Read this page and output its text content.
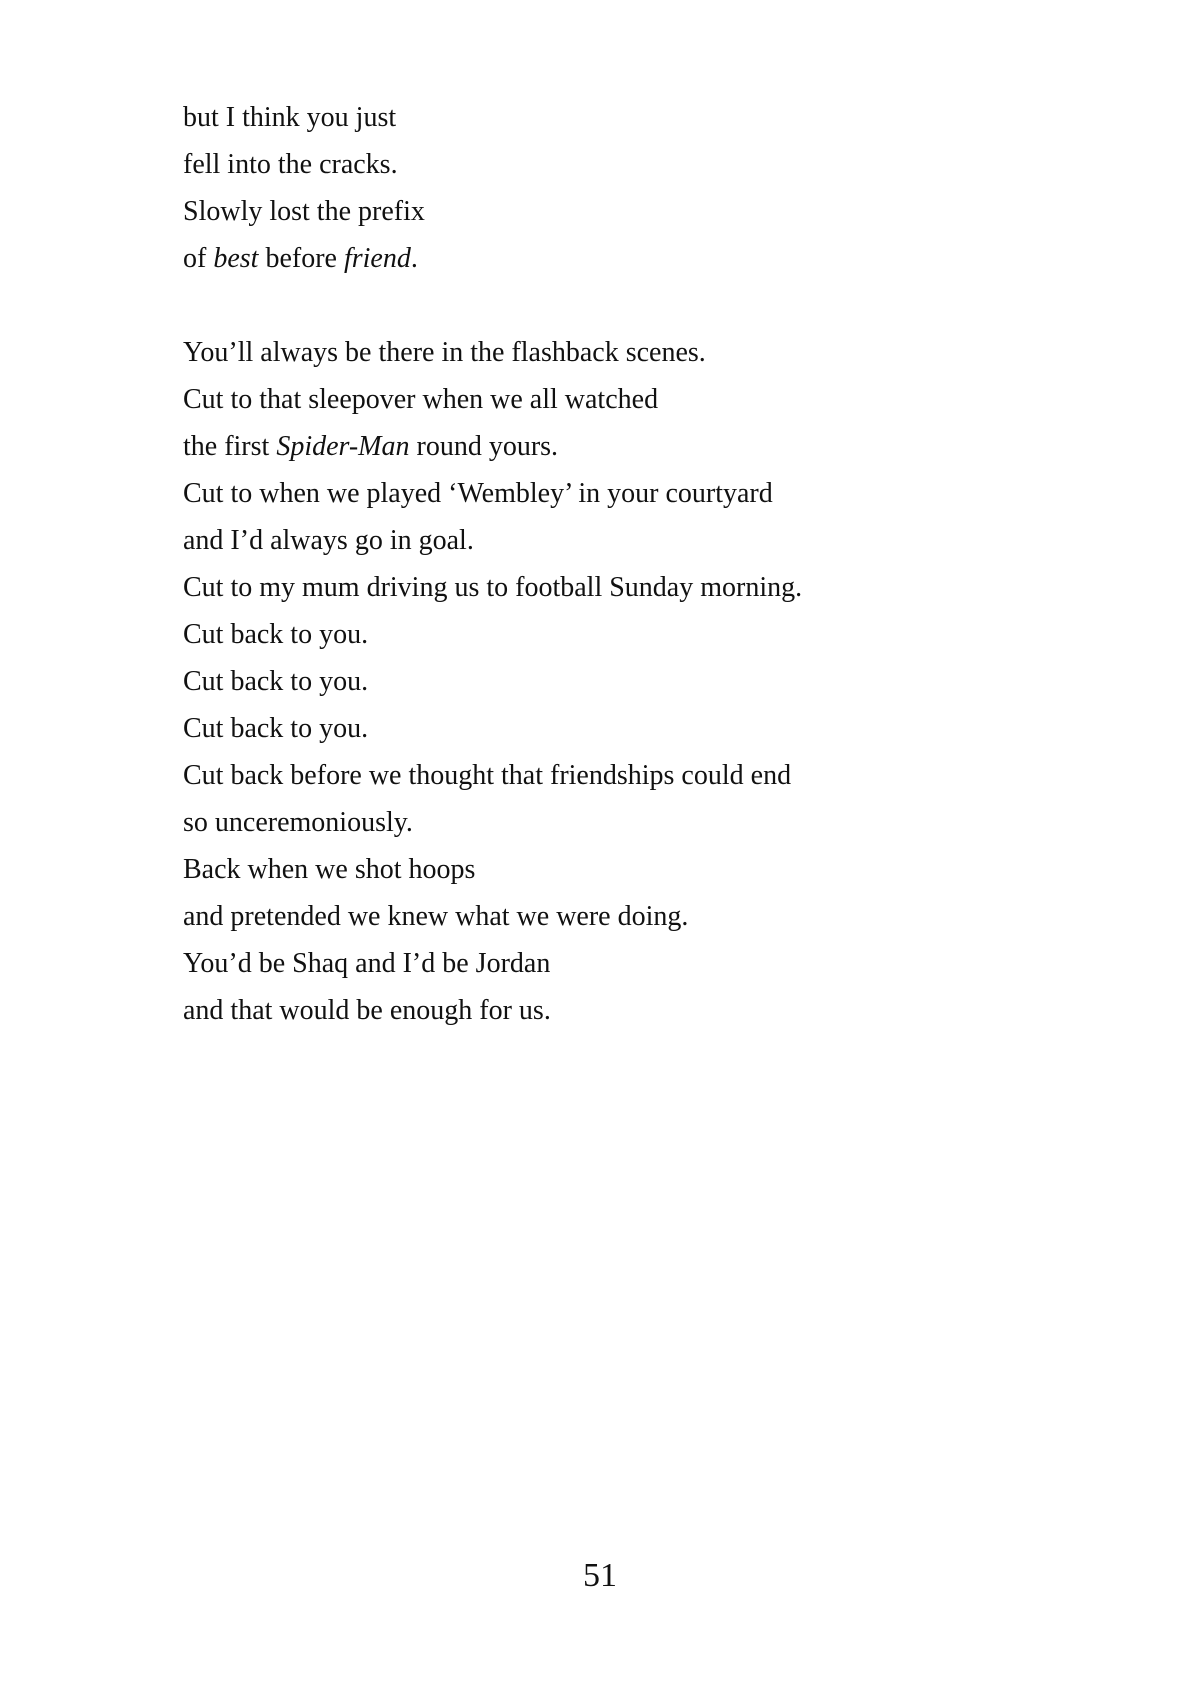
but I think you just
fell into the cracks.
Slowly lost the prefix
of best before friend.
You’ll always be there in the flashback scenes.
Cut to that sleepover when we all watched
the first Spider-Man round yours.
Cut to when we played ‘Wembley’ in your courtyard
and I’d always go in goal.
Cut to my mum driving us to football Sunday morning.
Cut back to you.
Cut back to you.
Cut back to you.
Cut back before we thought that friendships could end
so unceremoniously.
Back when we shot hoops
and pretended we knew what we were doing.
You’d be Shaq and I’d be Jordan
and that would be enough for us.
51
